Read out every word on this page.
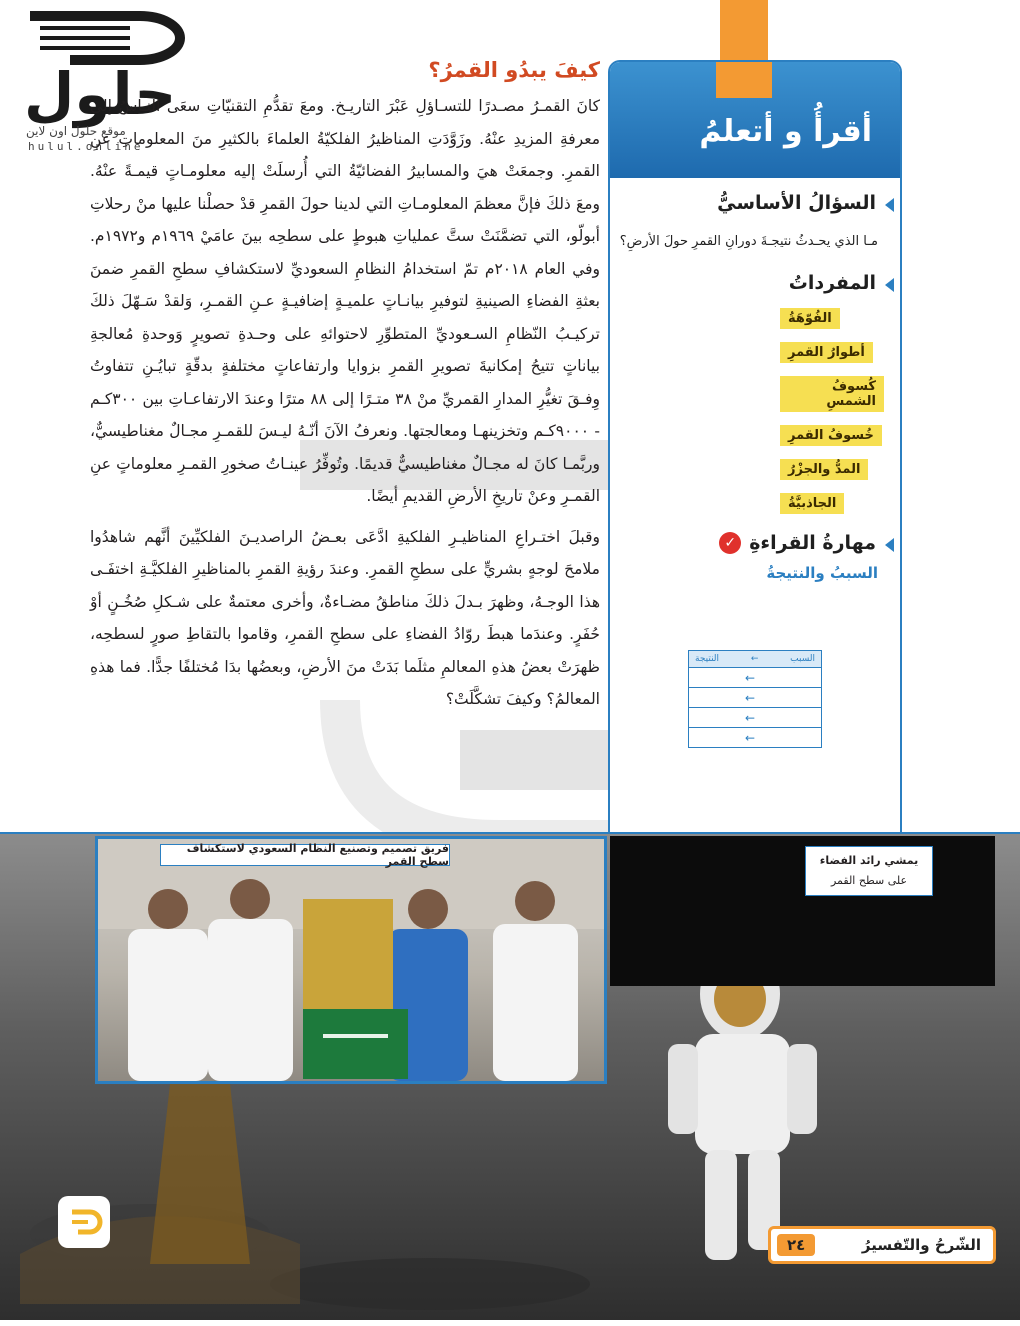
حلول
موقع حلول اون لاين
hulul.online
كيفَ يبدُو القمرُ؟

كانَ القمـرُ مصـدرًا للتسـاؤلِ عَبْرَ التاريـخ. ومعَ تقدُّمِ التقنيّاتِ سعَى النـاسُ إلى معرفةِ المزيدِ عنْهُ. وزَوَّدَتِ المناظيرُ الفلكيّةُ العلماءَ بالكثيرِ منَ المعلوماتِ عنِ القمرِ. وجمعَتْ هيَ والمسابيرُ الفضائيّةُ التي أُرسلَتْ إليه معلومـاتٍ قيمـةً عنْهُ. ومعَ ذلكَ فإنَّ معظمَ المعلومـاتِ التي لدينا حولَ القمرِ قدْ حصلْنا عليها منْ رحلاتِ أبولّو، التي تضمَّنَتْ ستَّ عملياتِ هبوطٍ على سطحِه بينَ عامَيْ ١٩٦٩م و١٩٧٢م. وفي العام ٢٠١٨م تمّ استخدامُ النظامِ السعوديِّ لاستكشافِ سطحِ القمرِ ضمنَ بعثةِ الفضاءِ الصينيةِ لتوفيرِ بيانـاتٍ علميـةٍ إضافيـةٍ عـنِ القمـرِ، وَلقدْ سَـهّلَ ذلكَ تركيـبُ النّظامِ السـعوديِّ المتطوِّرِ لاحتوائهِ على وحـدةِ تصويرٍ وَوحدةِ مُعالجةِ بياناتٍ تتيحُ إمكانيةَ تصويرِ القمرِ بزوايا وارتفاعاتٍ مختلفةٍ بدقّةٍ تبايُـنِ تتفاوتُ وِفـقَ تغيُّرِ المدارِ القمريِّ منْ ٣٨ متـرًا إلى ٨٨ مترًا وعندَ الارتفاعـاتِ بين ٣٠٠كـم - ٩٠٠٠كـم وتخزينهـا ومعالجتها. ونعرفُ الآنَ أنّـهُ ليـسَ للقمـرِ مجـالٌ مغناطيسيٌّ، وربَّمـا كانَ له مجـالٌ مغناطيسيٌّ قديمًا. وتُوفِّرُ عينـاتُ صخورِ القمـرِ معلوماتٍ عنِ القمـرِ وعنْ تاريخِ الأرضِ القديمِ أيضًا.

وقبلَ اختـراعِ المناظيـرِ الفلكيةِ ادَّعَى بعـضُ الراصديـنَ الفلكيِّينَ أنَّهم شاهدُوا ملامحَ لوجهٍ بشريٍّ على سطحِ القمرِ. وعندَ رؤيةِ القمرِ بالمناظيرِ الفلكيَّـةِ اختفَـى هذا الوجـهُ، وظهرَ بـدلَ ذلكَ مناطقُ مضـاءةٌ، وأخرى معتمةٌ على شـكلِ صُخُـنٍ أوْ حُفَرٍ. وعندَما هبطَ روّادُ الفضاءِ على سطحِ القمرِ، وقاموا بالتقاطِ صورٍ لسطحِه، ظهرَتْ بعضُ هذهِ المعالمِ مثلَما بَدَتْ منَ الأرضِ، وبعضُها بدَا مُختلفًا جدًّا. فما هذهِ المعالمُ؟ وكيفَ تشكَّلَتْ؟

أقرأُ و أتعلمُ
السؤالُ الأساسيُّ
مـا الذي يحـدثُ نتيجـةَ دورانِ القمرِ حولَ الأرضِ؟
المفرداتُ
الفُوّهَةُ
أطوارُ القمرِ
كُسوفُ الشمسِ
خُسوفُ القمرِ
المدُّ والجزْرُ
الجاذبيَّةُ
مهارةُ القراءةِ
✓
السببُ والنتيجةُ
السبب
←
النتيجة
←
←
←
←
فريق تصميم وتصنيع النظام السعودي لاستكشاف سطح القمر	يمشي رائد الفضاء
على سطح القمر
الشّرحُ والتّفسيرُ
٢٤
